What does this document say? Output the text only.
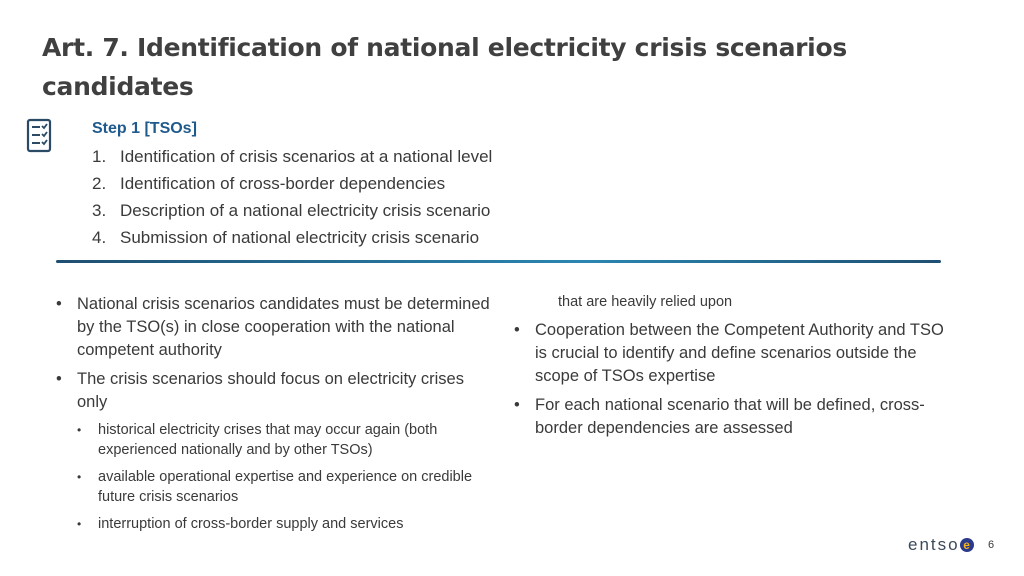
Art. 7. Identification of national electricity crisis scenarios candidates
Step 1 [TSOs]
1. Identification of crisis scenarios at a national level
2. Identification of cross-border dependencies
3. Description of a national electricity crisis scenario
4. Submission of national electricity crisis scenario
• National crisis scenarios candidates must be determined by the TSO(s) in close cooperation with the national competent authority
• The crisis scenarios should focus on electricity crises only
• historical electricity crises that may occur again (both experienced nationally and by other TSOs)
• available operational expertise and experience on credible future crisis scenarios
• interruption of cross-border supply and services
that are heavily relied upon
• Cooperation between the Competent Authority and TSO is crucial to identify and define scenarios outside the scope of TSOs expertise
• For each national scenario that will be defined, cross-border dependencies are assessed
entso e	6
